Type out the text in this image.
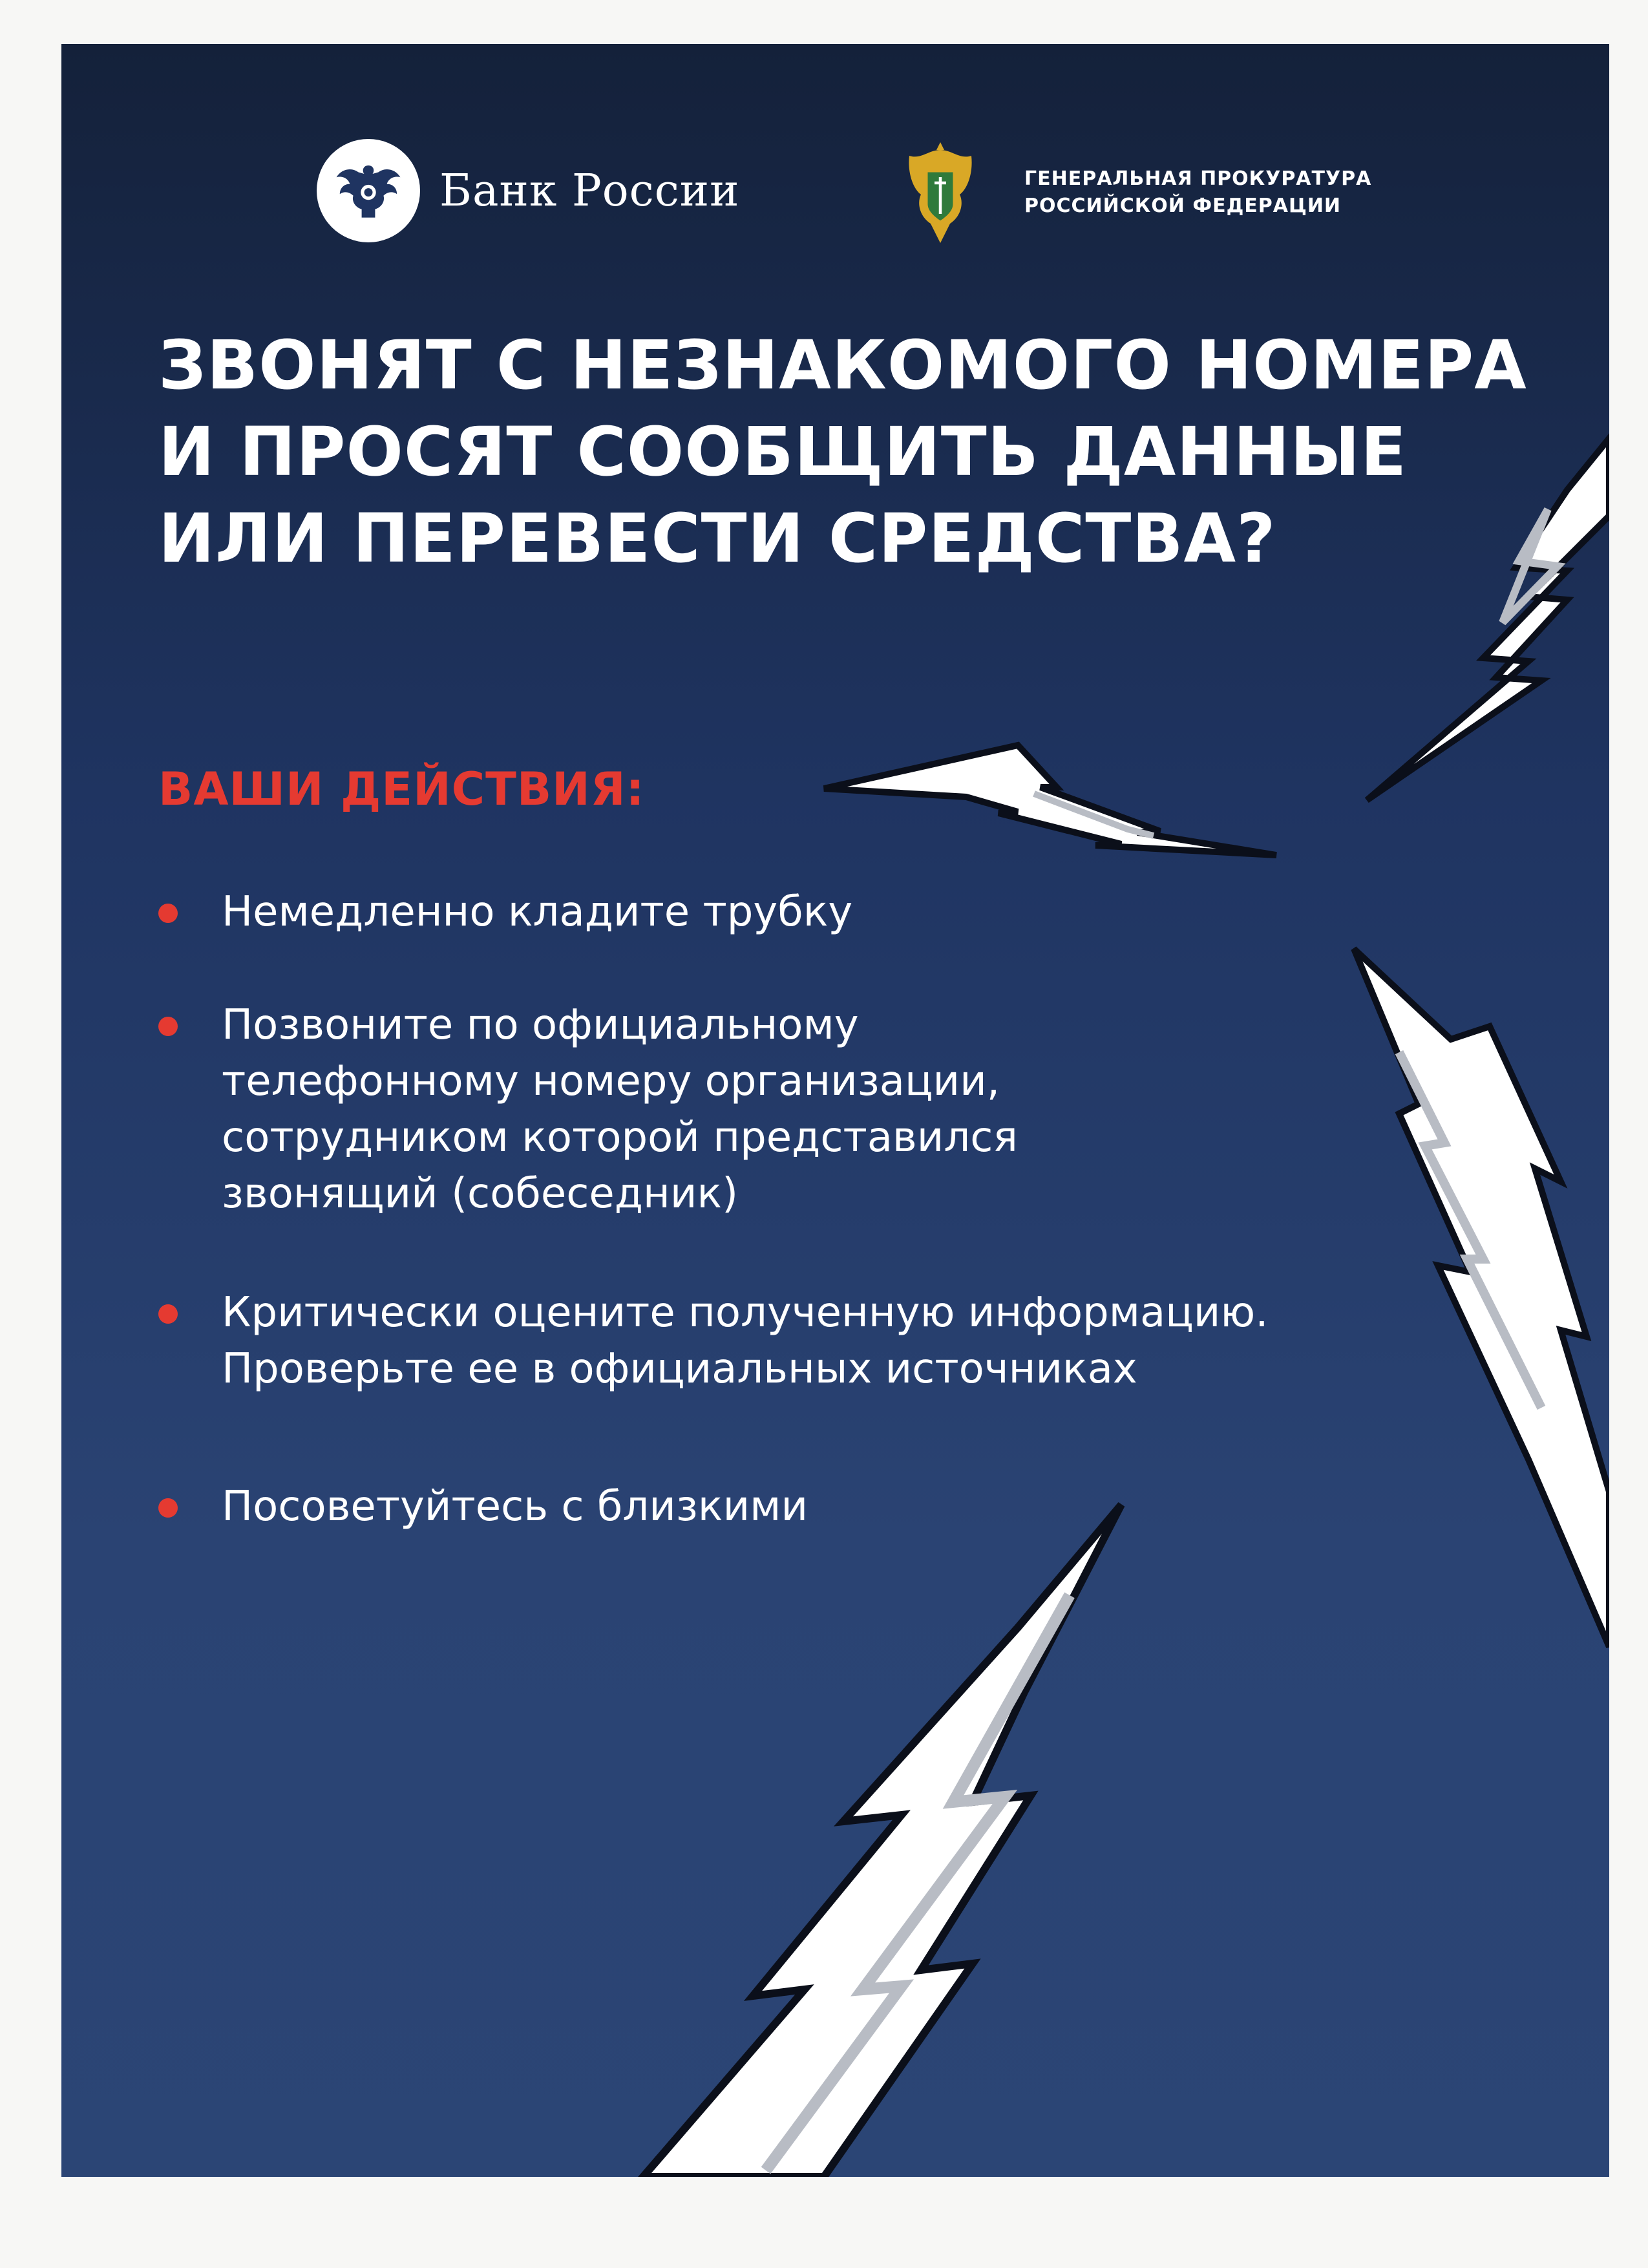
Банк России	ГЕНЕРАЛЬНАЯ ПРОКУРАТУРА
РОССИЙСКОЙ ФЕДЕРАЦИИ
ЗВОНЯТ С НЕЗНАКОМОГО НОМЕРА
И ПРОСЯТ СООБЩИТЬ ДАННЫЕ
ИЛИ ПЕРЕВЕСТИ СРЕДСТВА?
ВАШИ ДЕЙСТВИЯ:
Немедленно кладите трубку
Позвоните по официальному
телефонному номеру организации,
сотрудником которой представился
звонящий (собеседник)
Критически оцените полученную информацию.
Проверьте ее в официальных источниках
Посоветуйтесь с близкими
